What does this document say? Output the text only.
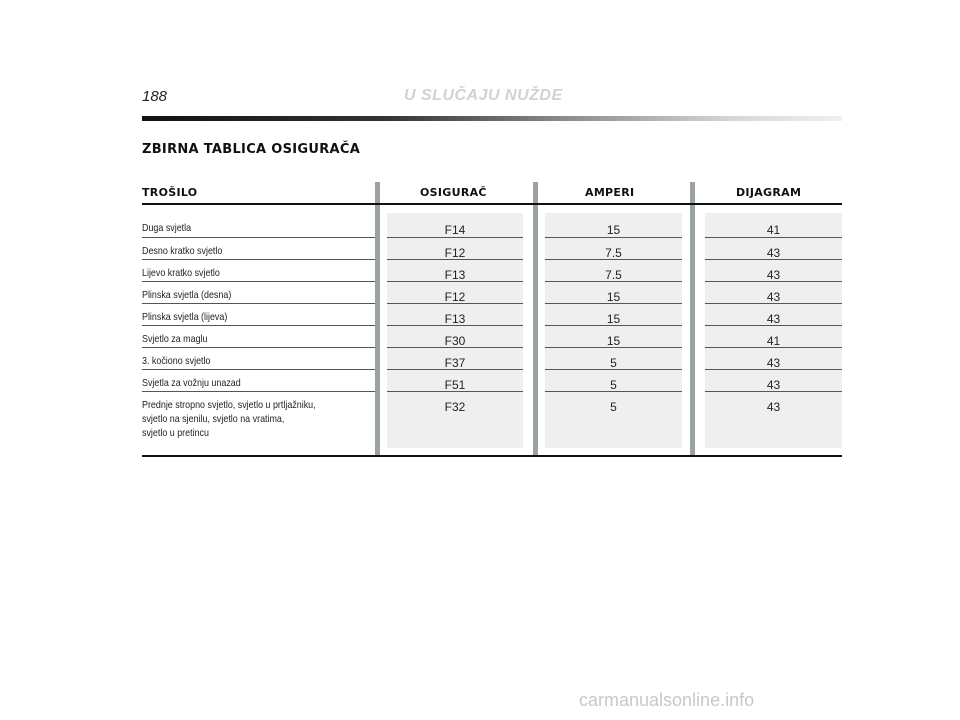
188	U SLUČAJU NUŽDE
ZBIRNA TABLICA OSIGURAČA
TROŠILO	OSIGURAČ	AMPERI	DIJAGRAM
Duga svjetla	F14	15	41
Desno kratko svjetlo	F12	7.5	43
Lijevo kratko svjetlo	F13	7.5	43
Plinska svjetla (desna)	F12	15	43
Plinska svjetla (lijeva)	F13	15	43
Svjetlo za maglu	F30	15	41
3. kočiono svjetlo	F37	5	43
Svjetla za vožnju unazad	F51	5	43
Prednje stropno svjetlo, svjetlo u prtljažniku,
svjetlo na sjenilu, svjetlo na vratima,
svjetlo u pretincu
F32	5	43
carmanualsonline.info
